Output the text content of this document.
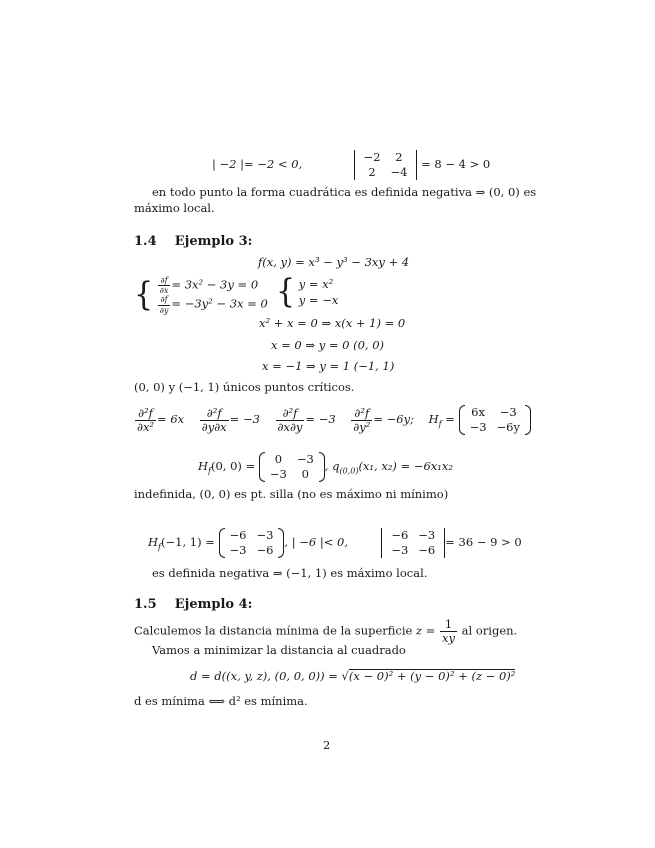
| −2 |= −2 < 0,
−2	2
2	−4
= 8 − 4 > 0
en todo punto la forma cuadrática es definida negativa ⇒ (0, 0) es
máximo local.
1.4 Ejemplo 3:
f(x, y) = x³ − y³ − 3xy + 4
{ $\frac{\partial f}{\partial x} = 3x^2 - 3y = 0$
$\frac{\partial f}{\partial y} = -3y^2 - 3x = 0$ { y = x²
y = −x
x² + x = 0 ⇒ x(x + 1) = 0
x = 0 ⇒ y = 0 (0, 0)
x = −1 ⇒ y = 1 (−1, 1)
(0, 0) y (−1, 1) únicos puntos críticos.
$\frac{\text{∂²f}}{\text{∂x²}} = 6x \frac{\text{∂²f}}{\partial y\partial x} = -3 \frac{\text{∂²f}}{\partial x\partial y} = -3 \frac{\text{∂²f}}{\text{∂y²}} = -6y$; $H_f$ =
6x	−3
−3	−6y
$H_f(0$, 0) =
0	−3
−3	0
, $q_{(0,0)}(x_1$, x₂) = −6x₁x₂
indefinida, (0, 0) es pt. silla (no es máximo ni mínimo)
$H_f(-1$, 1) =
−6	−3
−3	−6
, | −6 |< 0,
−6	−3
−3	−6
= 36 − 9 > 0
es definida negativa ⇒ (−1, 1) es máximo local.
1.5 Ejemplo 4:
Calculemos la distancia mínima de la superficie $z = \frac{1}{xy}$ al origen.
Vamos a minimizar la distancia al cuadrado
d = d((x, y, z), (0, 0, 0)) = √(x − 0)² + (y − 0)² + (z − 0)²
d es mínima ⟺ d² es mínima.
2
